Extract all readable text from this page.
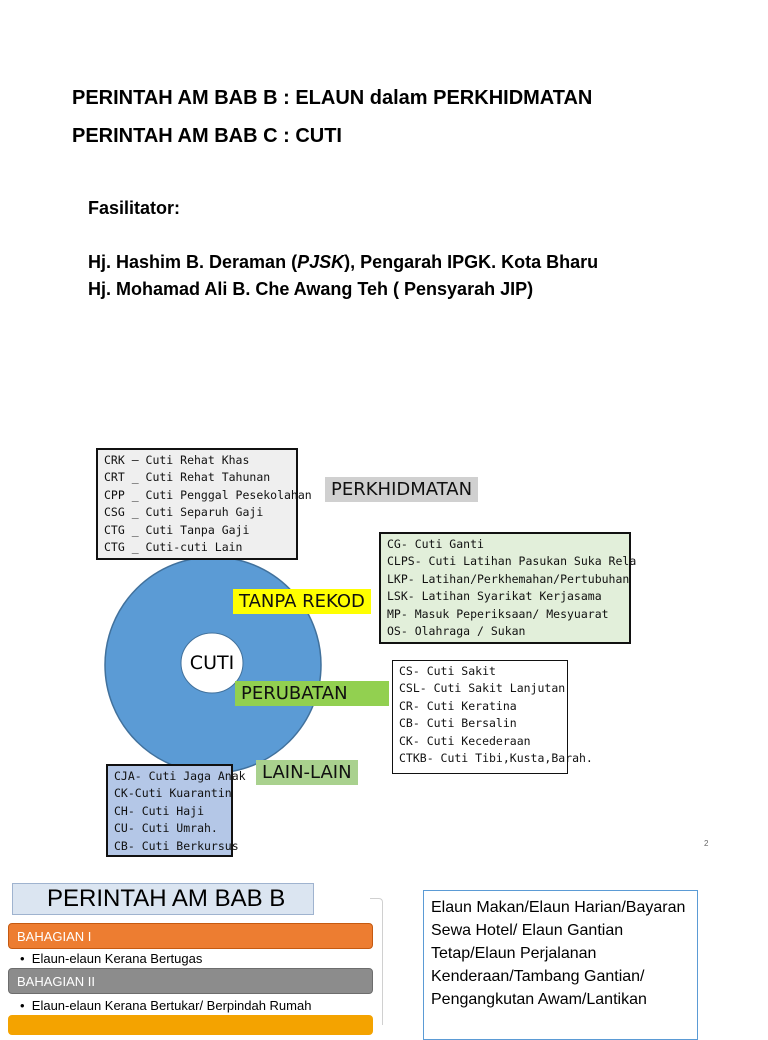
PERINTAH AM BAB B : ELAUN dalam PERKHIDMATAN
PERINTAH AM BAB C : CUTI
Fasilitator:
Hj. Hashim B. Deraman (PJSK), Pengarah IPGK. Kota Bharu
Hj. Mohamad Ali B. Che Awang Teh ( Pensyarah JIP)
CUTI
CRK – Cuti Rehat Khas
CRT _ Cuti Rehat Tahunan
CPP _ Cuti Penggal Pesekolahan
CSG _ Cuti Separuh Gaji
CTG _ Cuti Tanpa Gaji
CTG _ Cuti-cuti Lain
PERKHIDMATAN
CG- Cuti Ganti
CLPS- Cuti Latihan Pasukan Suka Rela
LKP- Latihan/Perkhemahan/Pertubuhan
LSK- Latihan Syarikat Kerjasama
MP- Masuk Peperiksaan/ Mesyuarat
OS- Olahraga / Sukan
TANPA REKOD
PERUBATAN
CS- Cuti Sakit
CSL- Cuti Sakit Lanjutan
CR- Cuti Keratina
CB- Cuti Bersalin
CK- Cuti Kecederaan
CTKB- Cuti Tibi,Kusta,Barah.
LAIN-LAIN
CJA- Cuti Jaga Anak
CK-Cuti Kuarantin
CH- Cuti Haji
CU- Cuti Umrah.
CB- Cuti Berkursus	2
PERINTAH AM BAB B
BAHAGIAN I
•  Elaun-elaun Kerana Bertugas
BAHAGIAN II
•  Elaun-elaun Kerana Bertukar/ Berpindah Rumah
Elaun Makan/Elaun Harian/Bayaran Sewa Hotel/ Elaun Gantian Tetap/Elaun Perjalanan Kenderaan/Tambang Gantian/ Pengangkutan Awam/Lantikan
